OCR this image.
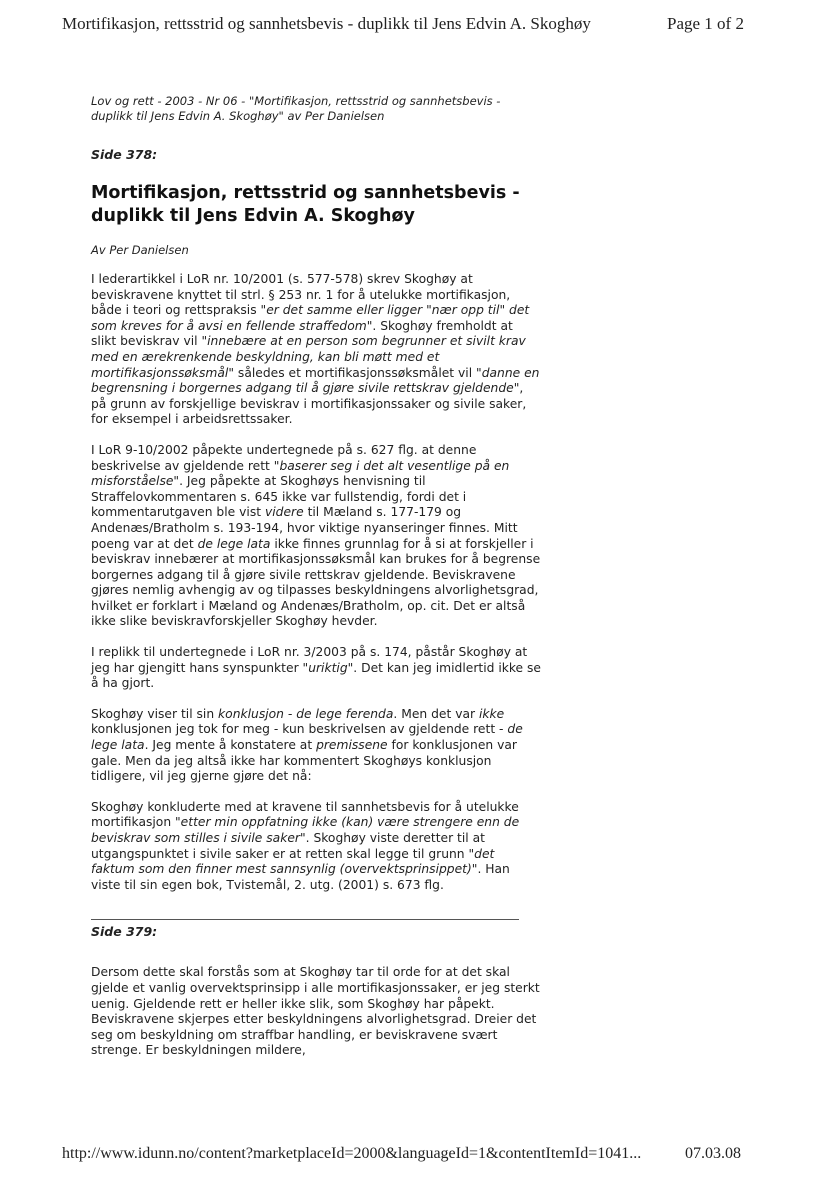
Mortifikasjon, rettsstrid og sannhetsbevis - duplikk til Jens Edvin A. Skoghøy	Page 1 of 2

Lov og rett - 2003 - Nr 06 - "Mortifikasjon, rettsstrid og sannhetsbevis -
duplikk til Jens Edvin A. Skoghøy" av Per Danielsen

Side 378:

Mortifikasjon, rettsstrid og sannhetsbevis - duplikk til Jens Edvin A. Skoghøy

Av Per Danielsen

I lederartikkel i LoR nr. 10/2001 (s. 577-578) skrev Skoghøy at beviskravene knyttet til strl. § 253 nr. 1 for å utelukke mortifikasjon, både i teori og rettspraksis "er det samme eller ligger "nær opp til" det som kreves for å avsi en fellende straffedom". Skoghøy fremholdt at slikt beviskrav vil "innebære at en person som begrunner et sivilt krav med en ærekrenkende beskyldning, kan bli møtt med et mortifikasjonssøksmål" således et mortifikasjonssøksmålet vil "danne en begrensning i borgernes adgang til å gjøre sivile rettskrav gjeldende", på grunn av forskjellige beviskrav i mortifikasjonssaker og sivile saker, for eksempel i arbeidsrettssaker.

I LoR 9-10/2002 påpekte undertegnede på s. 627 flg. at denne beskrivelse av gjeldende rett "baserer seg i det alt vesentlige på en misforståelse". Jeg påpekte at Skoghøys henvisning til Straffelovkommentaren s. 645 ikke var fullstendig, fordi det i kommentarutgaven ble vist videre til Mæland s. 177-179 og Andenæs/Bratholm s. 193-194, hvor viktige nyanseringer finnes. Mitt poeng var at det de lege lata ikke finnes grunnlag for å si at forskjeller i beviskrav innebærer at mortifikasjonssøksmål kan brukes for å begrense borgernes adgang til å gjøre sivile rettskrav gjeldende. Beviskravene gjøres nemlig avhengig av og tilpasses beskyldningens alvorlighetsgrad, hvilket er forklart i Mæland og Andenæs/Bratholm, op. cit. Det er altså ikke slike beviskravforskjeller Skoghøy hevder.

I replikk til undertegnede i LoR nr. 3/2003 på s. 174, påstår Skoghøy at jeg har gjengitt hans synspunkter "uriktig". Det kan jeg imidlertid ikke se å ha gjort.

Skoghøy viser til sin konklusjon - de lege ferenda. Men det var ikke konklusjonen jeg tok for meg - kun beskrivelsen av gjeldende rett - de lege lata. Jeg mente å konstatere at premissene for konklusjonen var gale. Men da jeg altså ikke har kommentert Skoghøys konklusjon tidligere, vil jeg gjerne gjøre det nå:

Skoghøy konkluderte med at kravene til sannhetsbevis for å utelukke mortifikasjon "etter min oppfatning ikke (kan) være strengere enn de beviskrav som stilles i sivile saker". Skoghøy viste deretter til at utgangspunktet i sivile saker er at retten skal legge til grunn "det faktum som den finner mest sannsynlig (overvektsprinsippet)". Han viste til sin egen bok, Tvistemål, 2. utg. (2001) s. 673 flg.

Side 379:

Dersom dette skal forstås som at Skoghøy tar til orde for at det skal gjelde et vanlig overvektsprinsipp i alle mortifikasjonssaker, er jeg sterkt uenig. Gjeldende rett er heller ikke slik, som Skoghøy har påpekt. Beviskravene skjerpes etter beskyldningens alvorlighetsgrad. Dreier det seg om beskyldning om straffbar handling, er beviskravene svært strenge. Er beskyldningen mildere,

http://www.idunn.no/content?marketplaceId=2000&languageId=1&contentItemId=1041...	07.03.08
